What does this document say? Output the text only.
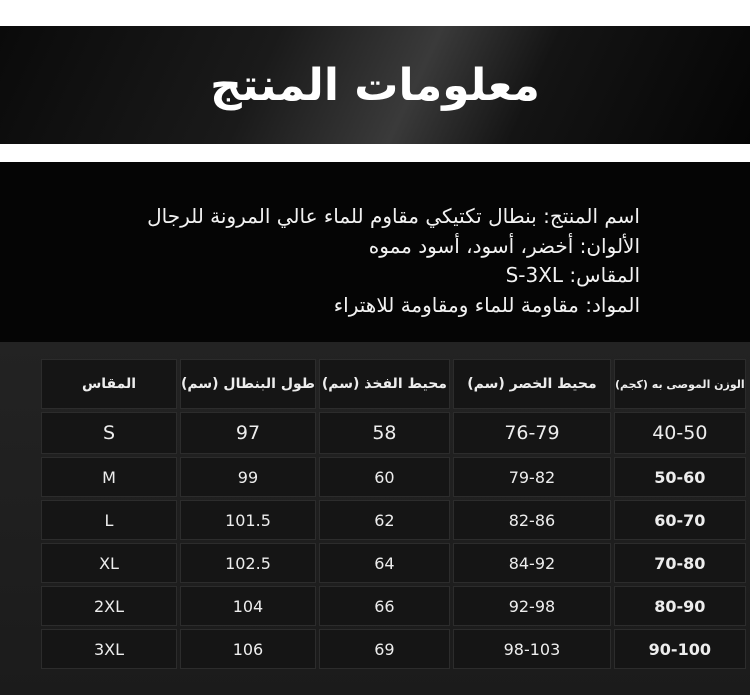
معلومات المنتج
اسم المنتج: بنطال تكتيكي مقاوم للماء عالي المرونة للرجال
الألوان: أخضر، أسود، أسود مموه
المقاس: S-3XL
المواد: مقاومة للماء ومقاومة للاهتراء
المقاس	طول البنطال (سم)	محيط الفخذ (سم)	محيط الخصر (سم)	الوزن الموصى به (كجم)
S	97	58	76-79	40-50
M	99	60	79-82	50-60
L	101.5	62	82-86	60-70
XL	102.5	64	84-92	70-80
2XL	104	66	92-98	80-90
3XL	106	69	98-103	90-100
